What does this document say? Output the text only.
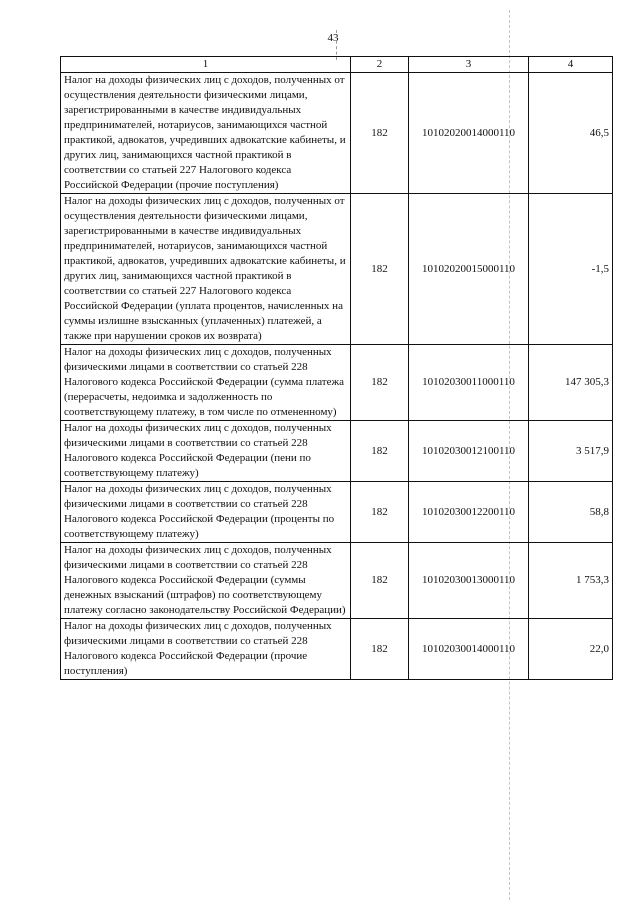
43
1	2	3	4
Налог на доходы физических лиц с доходов, полученных от осуществления деятельности физическими лицами, зарегистрированными в качестве индивидуальных предпринимателей, нотариусов, занимающихся частной практикой, адвокатов, учредивших адвокатские кабинеты, и других лиц, занимающихся частной практикой в соответствии со статьей 227 Налогового кодекса Российской Федерации (прочие поступления)	182	10102020014000110	46,5
Налог на доходы физических лиц с доходов, полученных от осуществления деятельности физическими лицами, зарегистрированными в качестве индивидуальных предпринимателей, нотариусов, занимающихся частной практикой, адвокатов, учредивших адвокатские кабинеты, и других лиц, занимающихся частной практикой в соответствии со статьей 227 Налогового кодекса Российской Федерации (уплата процентов, начисленных на суммы излишне взысканных (уплаченных) платежей, а также при нарушении сроков их возврата)	182	10102020015000110	-1,5
Налог на доходы физических лиц с доходов, полученных физическими лицами в соответствии со статьей 228 Налогового кодекса Российской Федерации (сумма платежа (перерасчеты, недоимка и задолженность по соответствующему платежу, в том числе по отмененному)	182	10102030011000110	147 305,3
Налог на доходы физических лиц с доходов, полученных физическими лицами в соответствии со статьей 228 Налогового кодекса Российской Федерации (пени по соответствующему платежу)	182	10102030012100110	3 517,9
Налог на доходы физических лиц с доходов, полученных физическими лицами в соответствии со статьей 228 Налогового кодекса Российской Федерации (проценты по соответствующему платежу)	182	10102030012200110	58,8
Налог на доходы физических лиц с доходов, полученных физическими лицами в соответствии со статьей 228 Налогового кодекса Российской Федерации (суммы денежных взысканий (штрафов) по соответствующему платежу согласно законодательству Российской Федерации)	182	10102030013000110	1 753,3
Налог на доходы физических лиц с доходов, полученных физическими лицами в соответствии со статьей 228 Налогового кодекса Российской Федерации (прочие поступления)	182	10102030014000110	22,0
